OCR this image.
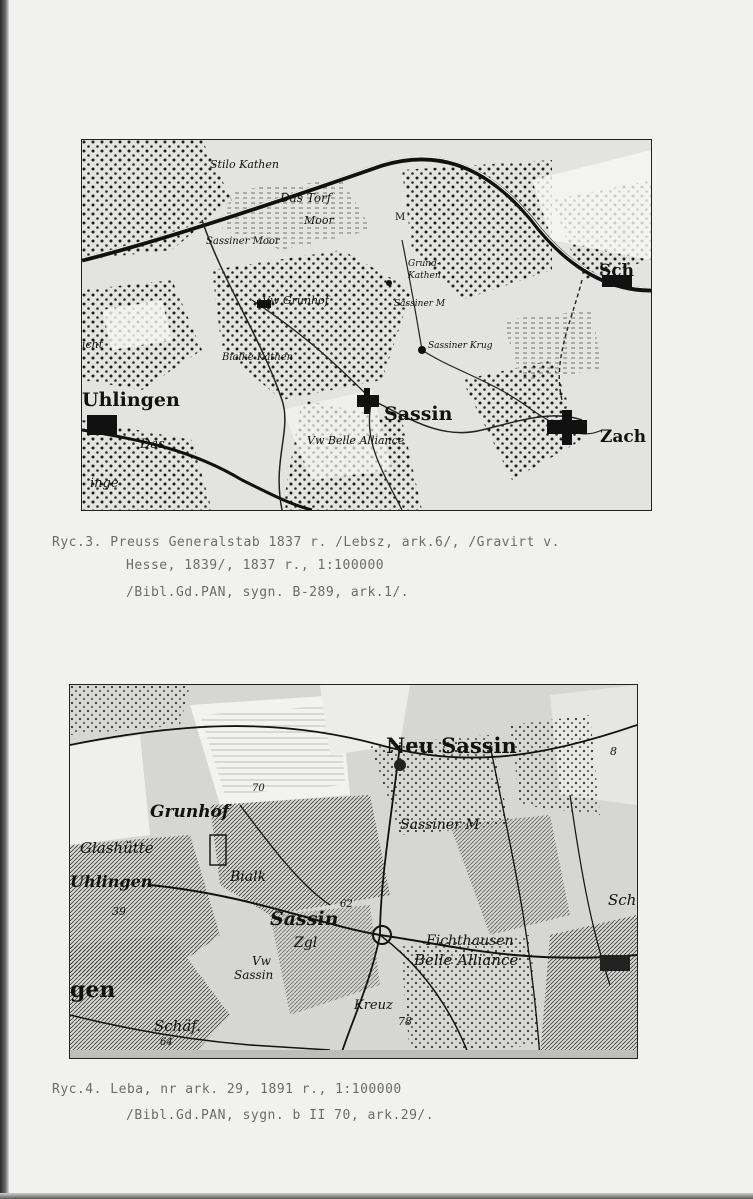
Stilo Kathen
Das Torf
Moor
Sassiner Moor
M
Vw Grunhof
Grund-
Kathen
Sassiner M
Sassiner Krug
Bialke Kathen
Uhlingen
Sassin
Vw Belle Alliance
Sch
Zach
Das
inge
icht

Ryc.3. Preuss Generalstab 1837 r. /Lebsz, ark.6/, /Gravirt v.

Hesse, 1839/, 1837 r., 1:100000

/Bibl.Gd.PAN, sygn. B-289, ark.1/.

Neu Sassin
Grunhof
Glashütte
Uhlingen
39
70
Sassiner M
Bialk
Sassin
62
Zgl
Vw
Sassin
Fichthausen
Belle Alliance
Kreuz
78
Schäf.
64
gen
Sch
8

Ryc.4. Leba, nr ark. 29, 1891 r., 1:100000

/Bibl.Gd.PAN, sygn. b II 70, ark.29/.
